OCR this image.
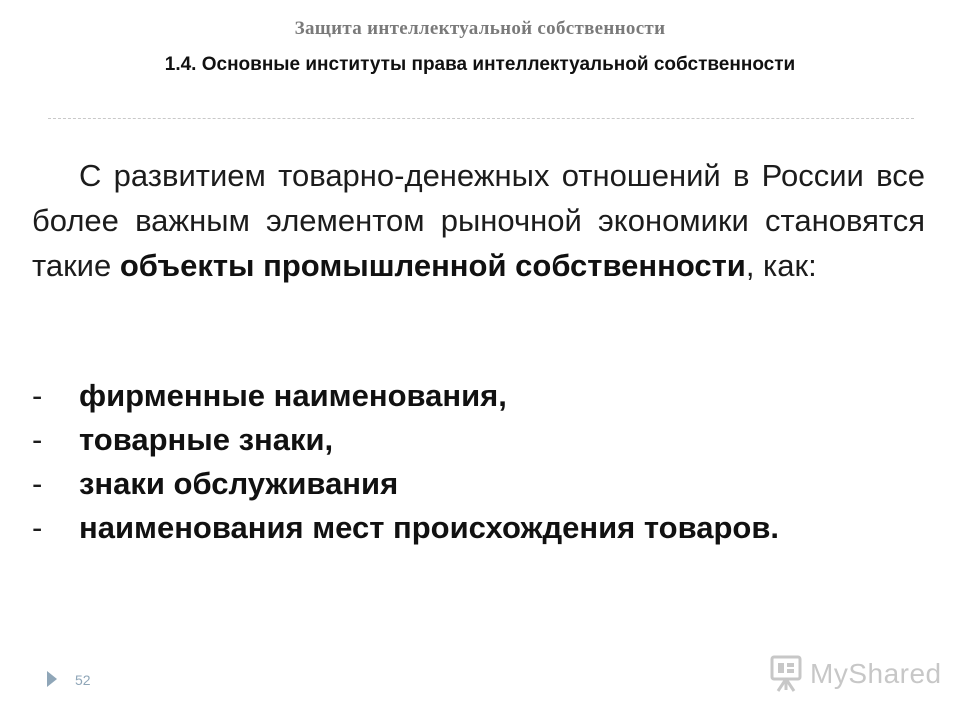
Защита интеллектуальной собственности
1.4. Основные институты права интеллектуальной собственности

С развитием товарно-денежных отношений в России все более важным элементом рыночной экономики становятся такие объекты промышленной собственности, как:

- фирменные наименования,
- товарные знаки,
- знаки обслуживания
- наименования мест происхождения товаров.
52	MyShared
